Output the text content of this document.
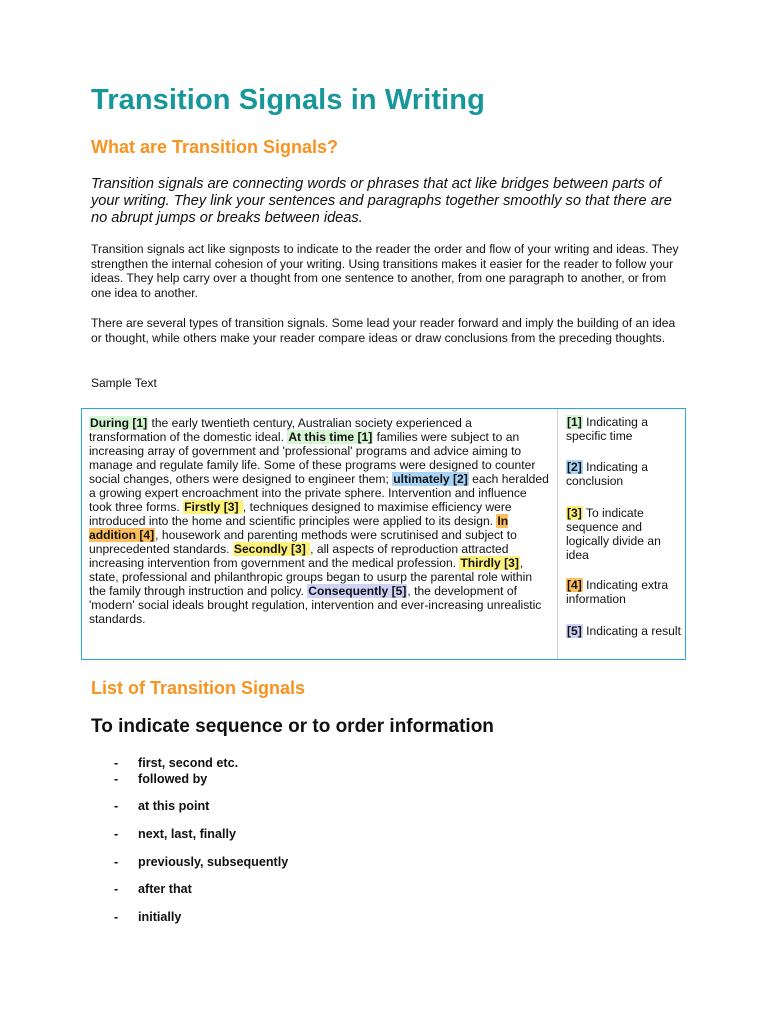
Transition Signals in Writing
What are Transition Signals?
Transition signals are connecting words or phrases that act like bridges between parts of your writing. They link your sentences and paragraphs together smoothly so that there are no abrupt jumps or breaks between ideas.
Transition signals act like signposts to indicate to the reader the order and flow of your writing and ideas. They strengthen the internal cohesion of your writing. Using transitions makes it easier for the reader to follow your ideas. They help carry over a thought from one sentence to another, from one paragraph to another, or from one idea to another.
There are several types of transition signals. Some lead your reader forward and imply the building of an idea or thought, while others make your reader compare ideas or draw conclusions from the preceding thoughts.
Sample Text
During [1] the early twentieth century, Australian society experienced a transformation of the domestic ideal. At this time [1] families were subject to an increasing array of government and 'professional' programs and advice aiming to manage and regulate family life. Some of these programs were designed to counter social changes, others were designed to engineer them; ultimately [2] each heralded a growing expert encroachment into the private sphere. Intervention and influence took three forms. Firstly [3] , techniques designed to maximise efficiency were introduced into the home and scientific principles were applied to its design. In addition [4], housework and parenting methods were scrutinised and subject to unprecedented standards. Secondly [3] , all aspects of reproduction attracted increasing intervention from government and the medical profession. Thirdly [3], state, professional and philanthropic groups began to usurp the parental role within the family through instruction and policy. Consequently [5], the development of 'modern' social ideals brought regulation, intervention and ever-increasing unrealistic standards.
[1] Indicating a specific time
[2] Indicating a conclusion
[3] To indicate sequence and logically divide an idea
[4] Indicating extra information
[5] Indicating a result
List of Transition Signals
To indicate sequence or to order information
- first, second etc.
- followed by
- at this point
- next, last, finally
- previously, subsequently
- after that
- initially
